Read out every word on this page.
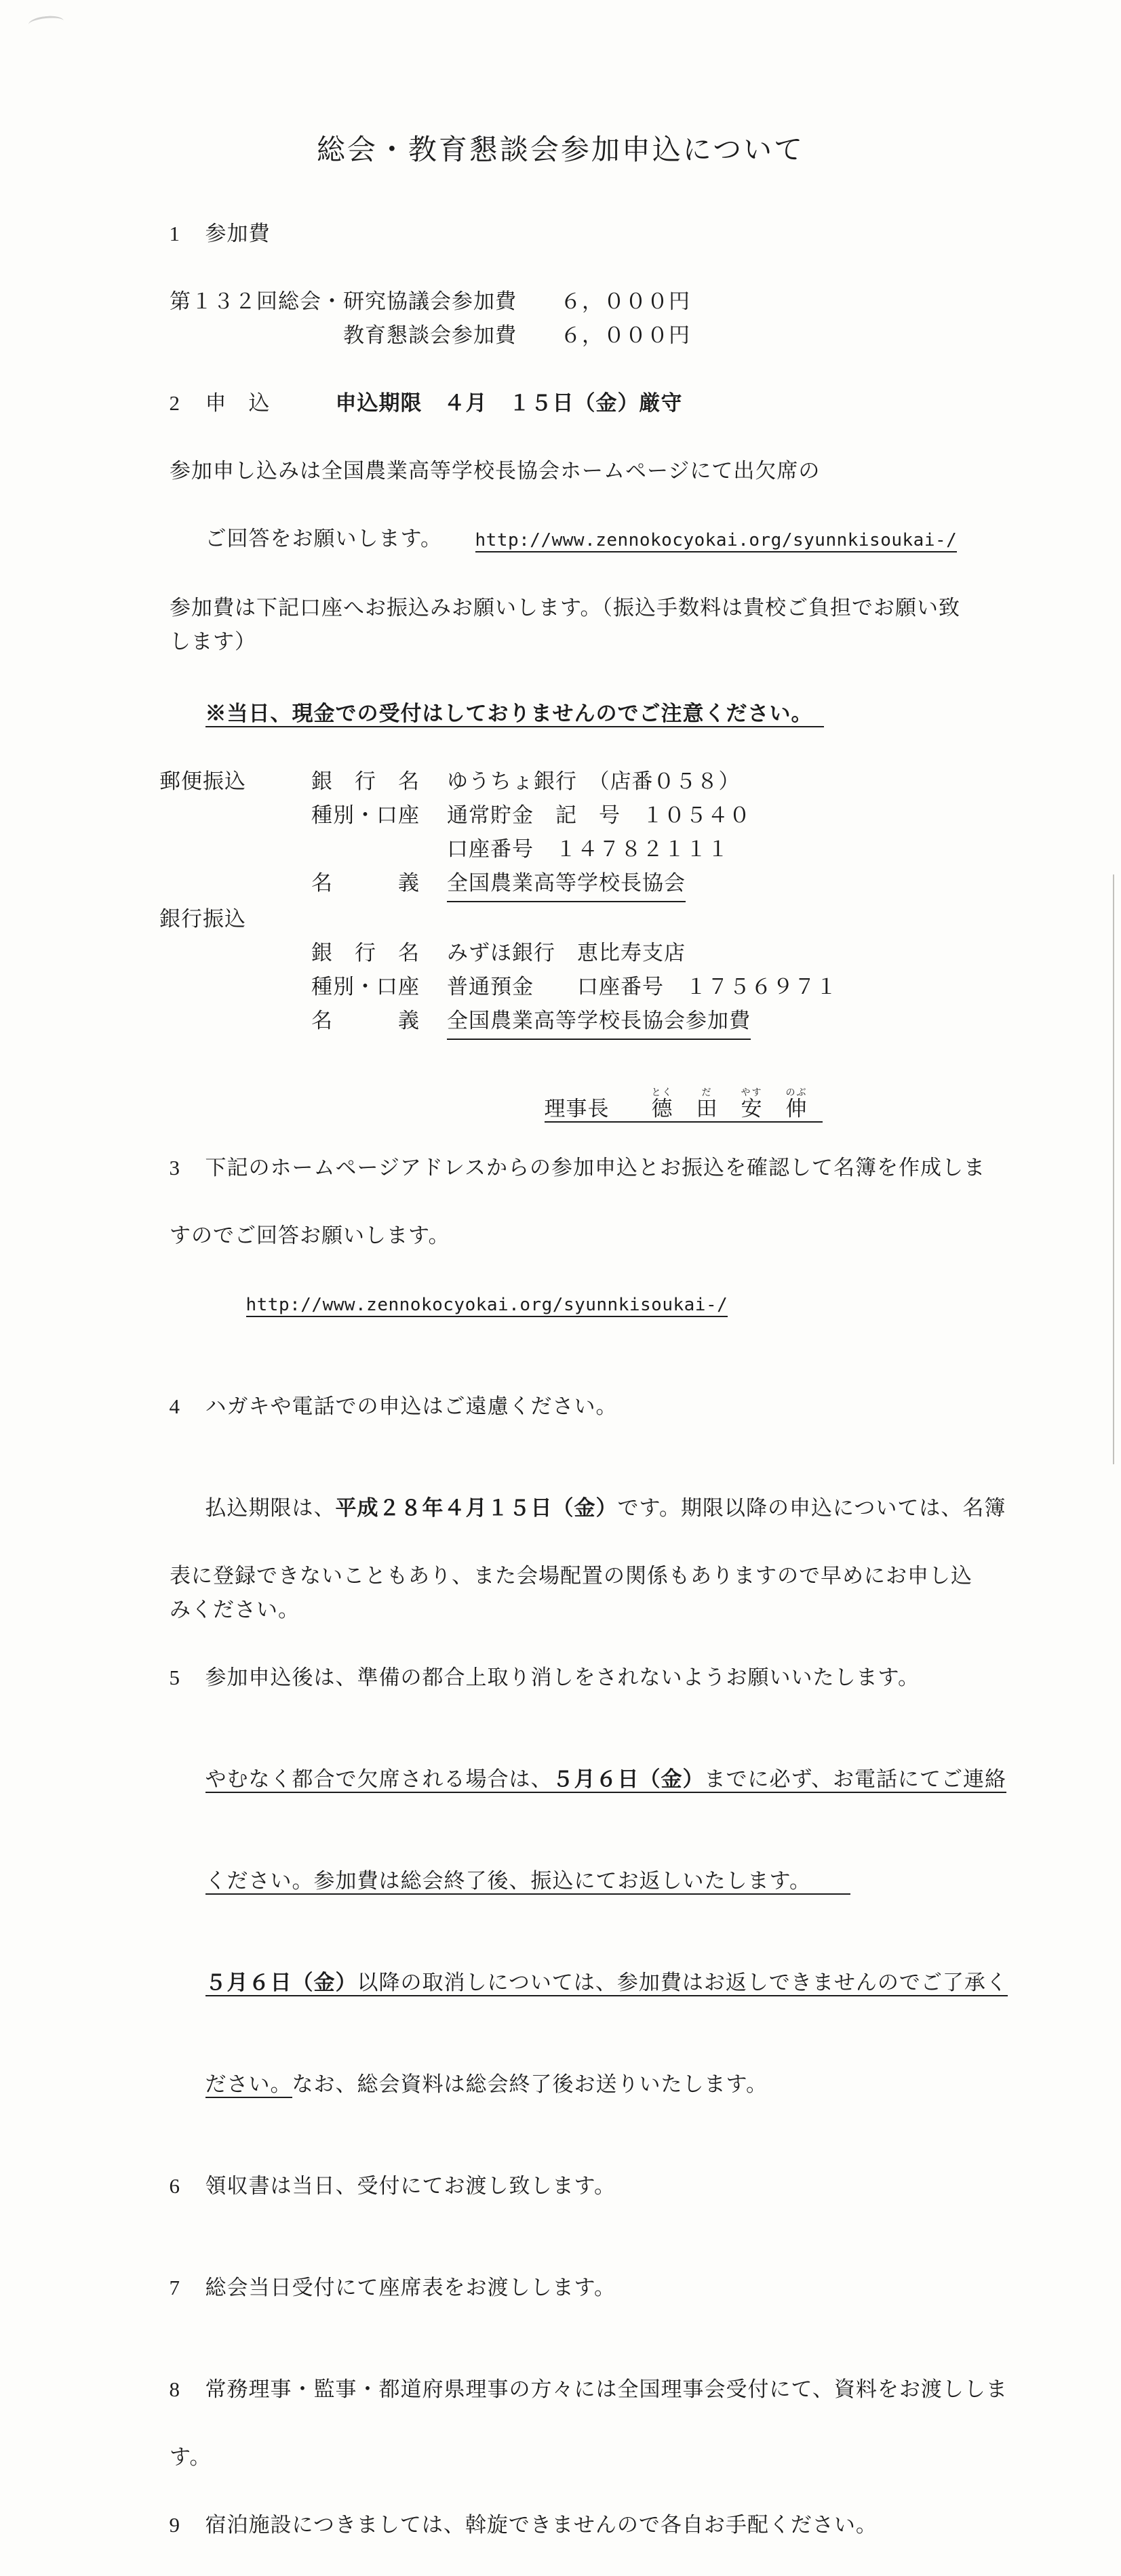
総会・教育懇談会参加申込について

1 参加費

第１３２回総会・研究協議会参加費　　６，０００円
教育懇談会参加費　　６，０００円

2 申　込　　　申込期限　４月　１５日（金）厳守

参加申し込みは全国農業高等学校長協会ホームページにて出欠席の

ご回答をお願いします。　　http://www.zennokocyokai.org/syunnkisoukai-/

参加費は下記口座へお振込みお願いします。（振込手数料は貴校ご負担でお願い致
します）

※当日、現金での受付はしておりませんのでご注意ください。

郵便振込	銀　行　名	ゆうちょ銀行　（店番０５８）
種別・口座	通常貯金　記　号　１０５４０
口座番号　１４７８２１１１
名　　　義	全国農業高等学校長協会
銀行振込
銀　行　名	みずほ銀行　恵比寿支店
種別・口座	普通預金　　口座番号　１７５６９７１
名　　　義	全国農業高等学校長協会参加費

理事長 德とく田だ安やす伸のぶ

3 下記のホームページアドレスからの参加申込とお振込を確認して名簿を作成しま

すのでご回答お願いします。

http://www.zennokocyokai.org/syunnkisoukai-/

4 ハガキや電話での申込はご遠慮ください。

払込期限は、平成２８年４月１５日（金）です。期限以降の申込については、名簿

表に登録できないこともあり、また会場配置の関係もありますので早めにお申し込
みください。

5 参加申込後は、準備の都合上取り消しをされないようお願いいたします。

やむなく都合で欠席される場合は、５月６日（金）までに必ず、お電話にてご連絡

ください。参加費は総会終了後、振込にてお返しいたします。

５月６日（金）以降の取消しについては、参加費はお返しできませんのでご了承く

ださい。なお、総会資料は総会終了後お送りいたします。

6 領収書は当日、受付にてお渡し致します。

7 総会当日受付にて座席表をお渡しします。

8 常務理事・監事・都道府県理事の方々には全国理事会受付にて、資料をお渡ししま

す。

9 宿泊施設につきましては、斡旋できませんので各自お手配ください。
